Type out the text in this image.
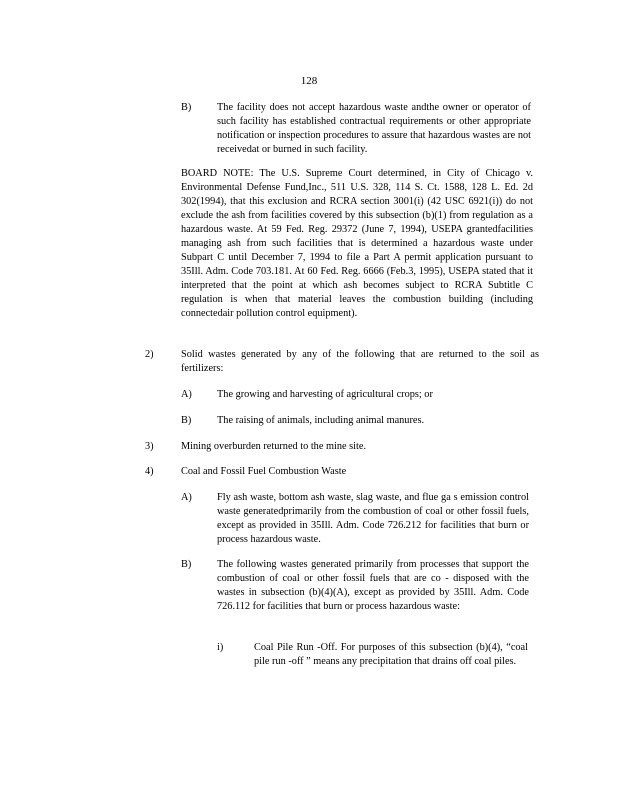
128
B) The facility does not accept hazardous waste andthe owner or operator of such facility has established contractual requirements or other appropriate notification or inspection procedures to assure that hazardous wastes are not receivedat or burned in such facility.
BOARD NOTE: The U.S. Supreme Court determined, in City of Chicago v. Environmental Defense Fund,Inc., 511 U.S. 328, 114 S. Ct. 1588, 128 L. Ed. 2d 302(1994), that this exclusion and RCRA section 3001(i) (42 USC 6921(i)) do not exclude the ash from facilities covered by this subsection (b)(1) from regulation as a hazardous waste. At 59 Fed. Reg. 29372 (June 7, 1994), USEPA grantedfacilities managing ash from such facilities that is determined a hazardous waste under Subpart C until December 7, 1994 to file a Part A permit application pursuant to 35Ill. Adm. Code 703.181. At 60 Fed. Reg. 6666 (Feb.3, 1995), USEPA stated that it interpreted that the point at which ash becomes subject to RCRA Subtitle C regulation is when that material leaves the combustion building (including connectedair pollution control equipment).
2)	Solid wastes generated by any of the following that are returned to the soil as fertilizers:
A) The growing and harvesting of agricultural crops; or
B) The raising of animals, including animal manures.
3)	Mining overburden returned to the mine site.
4)	Coal and Fossil Fuel Combustion Waste
A) Fly ash waste, bottom ash waste, slag waste, and flue ga s emission control waste generatedprimarily from the combustion of coal or other fossil fuels, except as provided in 35Ill. Adm. Code 726.212 for facilities that burn or process hazardous waste.
B) The following wastes generated primarily from processes that support the combustion of coal or other fossil fuels that are co - disposed with the wastes in subsection (b)(4)(A), except as provided by 35Ill. Adm. Code 726.112 for facilities that burn or process hazardous waste:
i)	Coal Pile Run -Off. For purposes of this subsection (b)(4), “coal pile run -off ” means any precipitation that drains off coal piles.
